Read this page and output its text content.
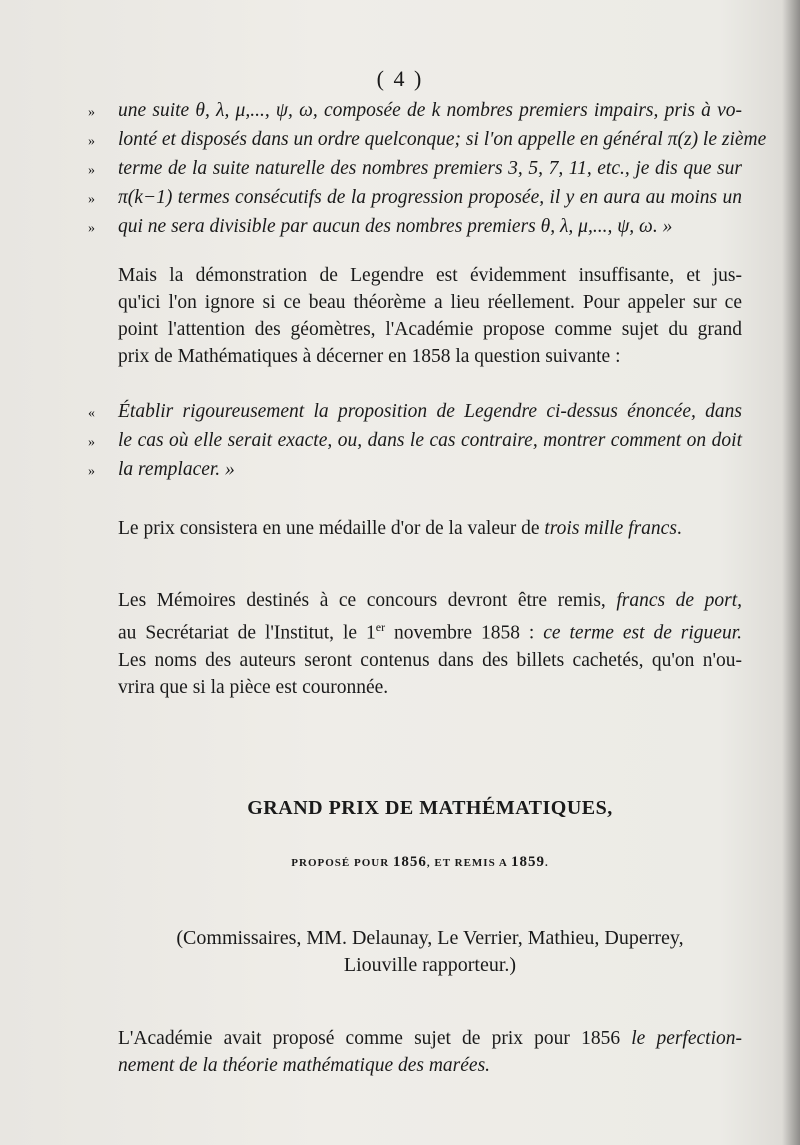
( 4 )
» une suite θ, λ, μ,..., ψ, ω, composée de k nombres premiers impairs, pris à vo-
» lonté et disposés dans un ordre quelconque; si l'on appelle en général π(z) le zième
» terme de la suite naturelle des nombres premiers 3, 5, 7, 11, etc., je dis que sur
» π(k−1) termes consécutifs de la progression proposée, il y en aura au moins un
» qui ne sera divisible par aucun des nombres premiers θ, λ, μ,..., ψ, ω. »
Mais la démonstration de Legendre est évidemment insuffisante, et jus-
qu'ici l'on ignore si ce beau théorème a lieu réellement. Pour appeler sur ce
point l'attention des géomètres, l'Académie propose comme sujet du grand
prix de Mathématiques à décerner en 1858 la question suivante :
« Établir rigoureusement la proposition de Legendre ci-dessus énoncée, dans
» le cas où elle serait exacte, ou, dans le cas contraire, montrer comment on doit
» la remplacer. »
Le prix consistera en une médaille d'or de la valeur de trois mille francs.
Les Mémoires destinés à ce concours devront être remis, francs de port,
au Secrétariat de l'Institut, le 1er novembre 1858 : ce terme est de rigueur.
Les noms des auteurs seront contenus dans des billets cachetés, qu'on n'ou-
vrira que si la pièce est couronnée.
GRAND PRIX DE MATHÉMATIQUES,
PROPOSÉ POUR 1856, ET REMIS A 1859.
(Commissaires, MM. Delaunay, Le Verrier, Mathieu, Duperrey,
Liouville rapporteur.)
L'Académie avait proposé comme sujet de prix pour 1856 le perfection-
nement de la théorie mathématique des marées.
